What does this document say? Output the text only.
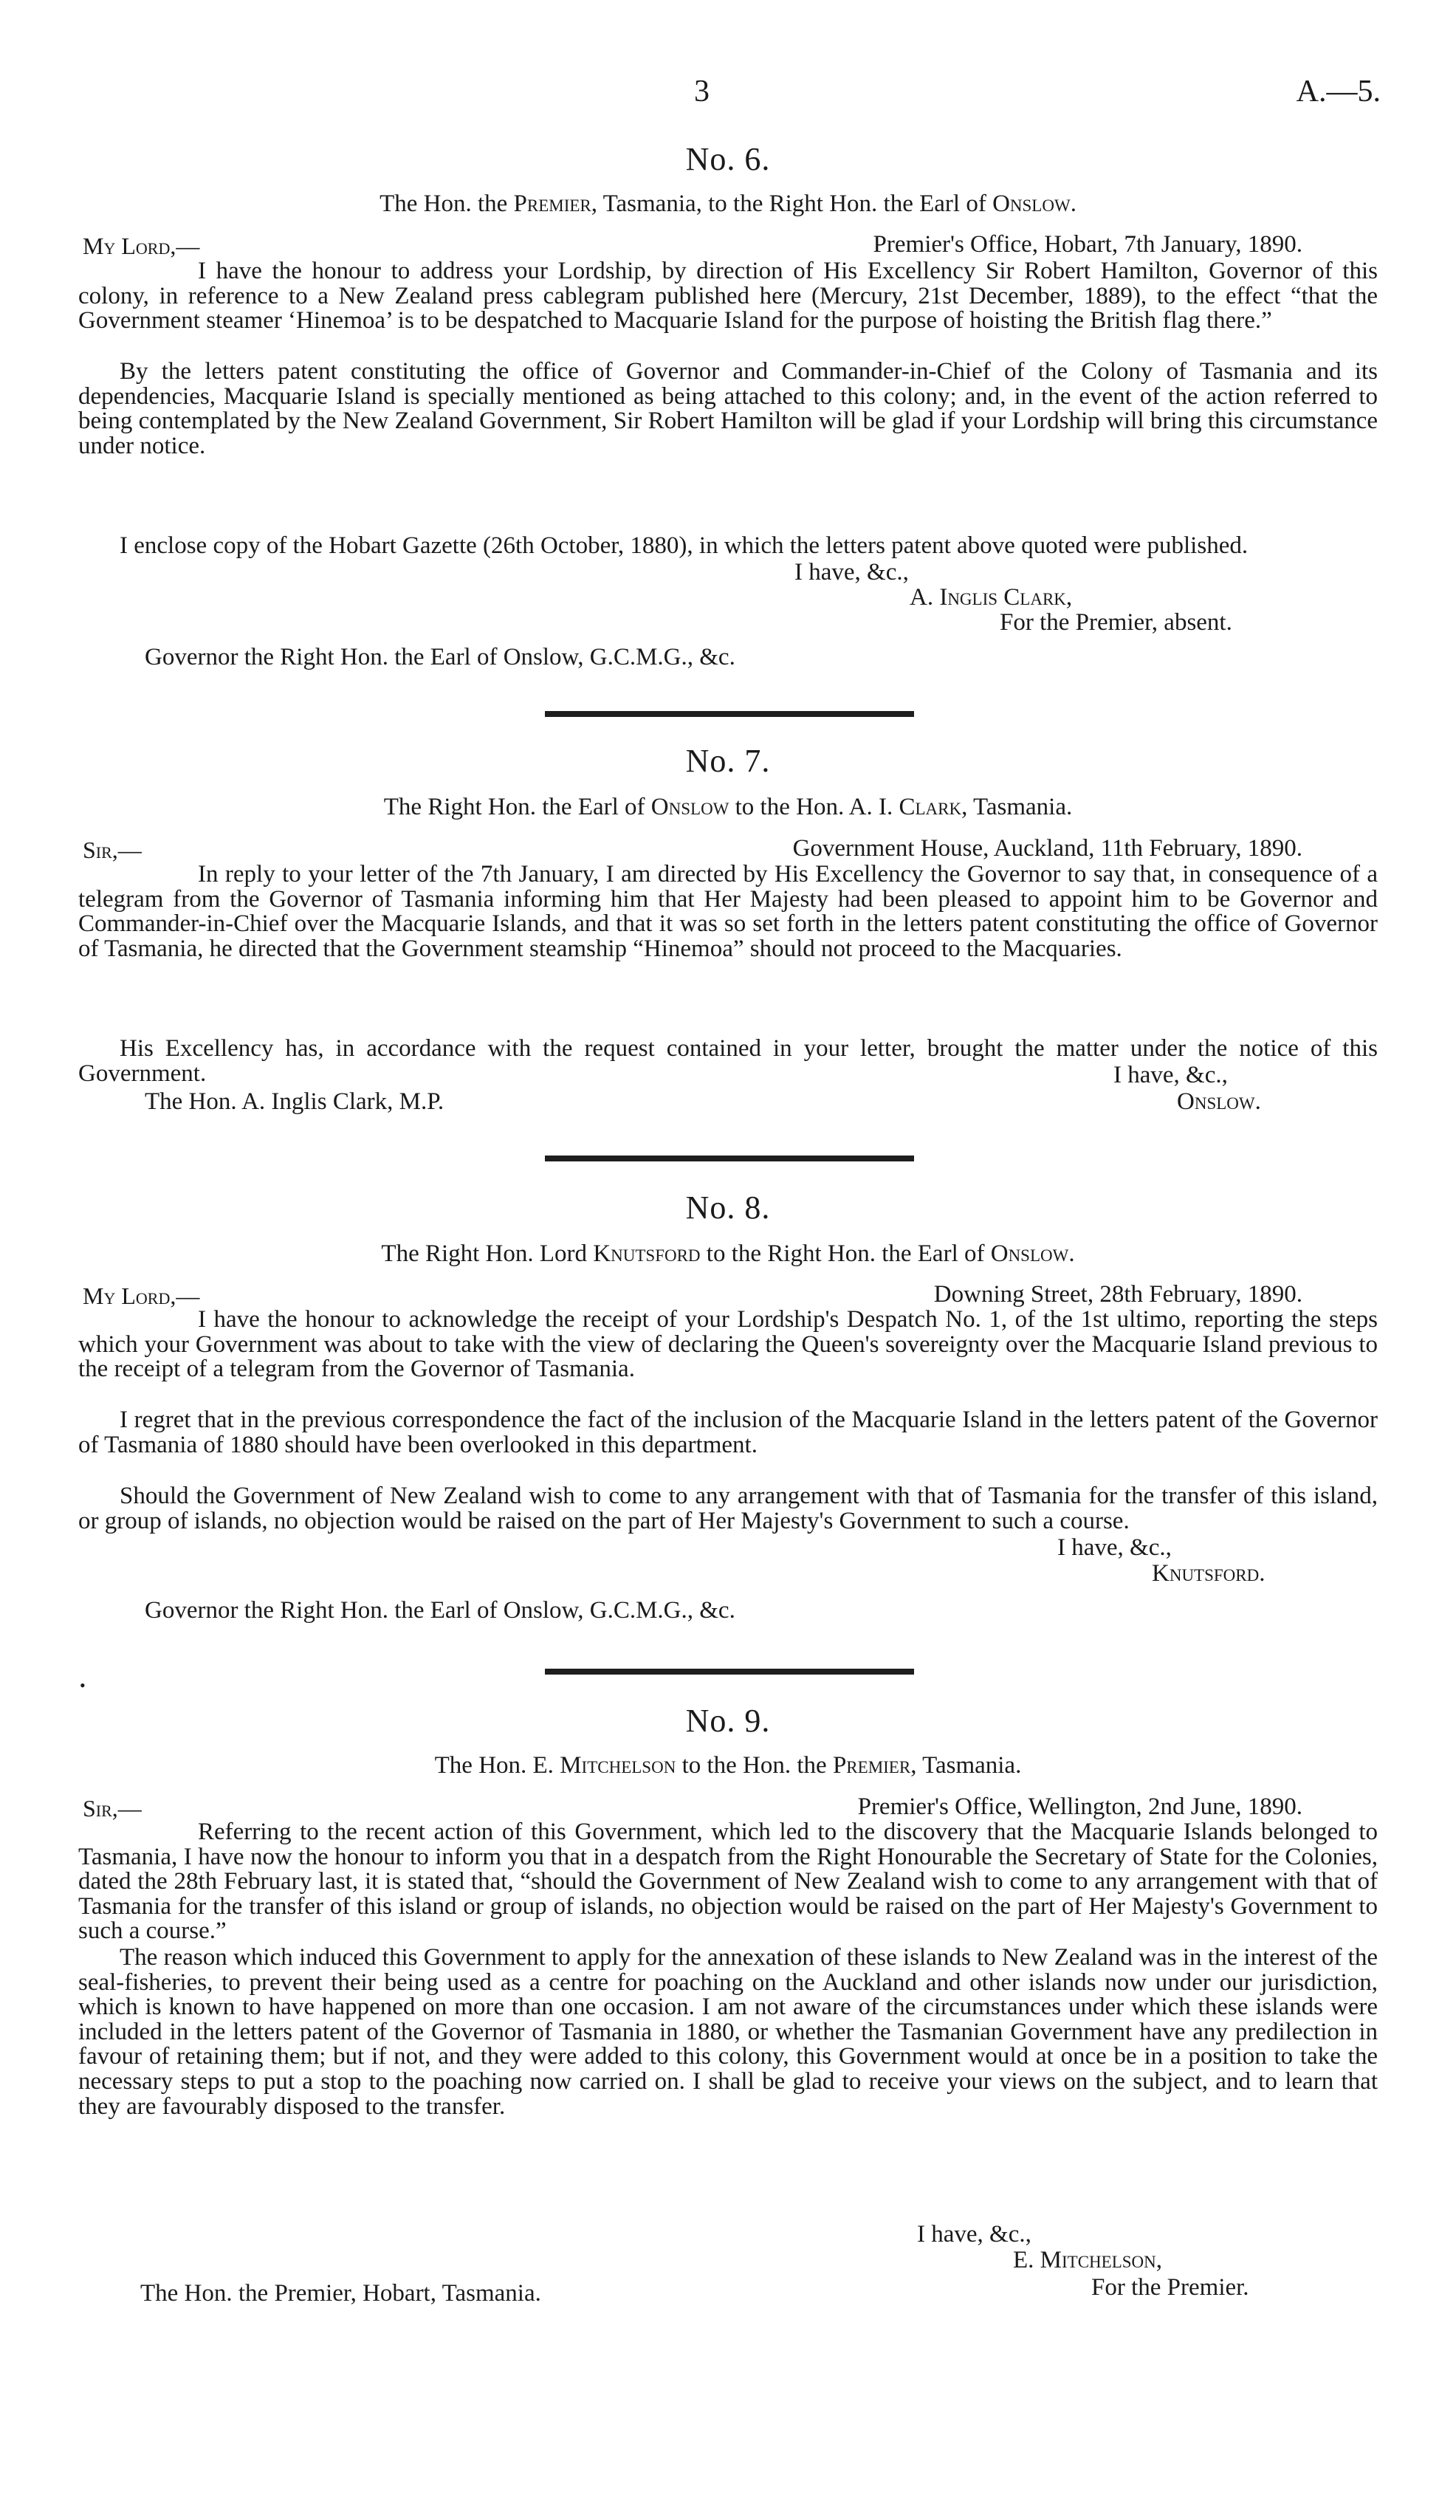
3	A.—5.
No. 6.
The Hon. the Premier, Tasmania, to the Right Hon. the Earl of Onslow.
My Lord,—	Premier's Office, Hobart, 7th January, 1890.

I have the honour to address your Lordship, by direction of His Excellency Sir Robert Hamilton, Governor of this colony, in reference to a New Zealand press cablegram published here (Mercury, 21st December, 1889), to the effect “that the Government steamer ‘Hinemoa’ is to be despatched to Macquarie Island for the purpose of hoisting the British flag there.”

By the letters patent constituting the office of Governor and Commander-in-Chief of the Colony of Tasmania and its dependencies, Macquarie Island is specially mentioned as being attached to this colony; and, in the event of the action referred to being contemplated by the New Zealand Government, Sir Robert Hamilton will be glad if your Lordship will bring this circumstance under notice.

I enclose copy of the Hobart Gazette (26th October, 1880), in which the letters patent above quoted were published.

I have, &c.,
A. Inglis Clark,
For the Premier, absent.
Governor the Right Hon. the Earl of Onslow, G.C.M.G., &c.
No. 7.
The Right Hon. the Earl of Onslow to the Hon. A. I. Clark, Tasmania.
Sir,—	Government House, Auckland, 11th February, 1890.

In reply to your letter of the 7th January, I am directed by His Excellency the Governor to say that, in consequence of a telegram from the Governor of Tasmania informing him that Her Majesty had been pleased to appoint him to be Governor and Commander-in-Chief over the Macquarie Islands, and that it was so set forth in the letters patent constituting the office of Governor of Tasmania, he directed that the Government steamship “Hinemoa” should not proceed to the Macquaries.

His Excellency has, in accordance with the request contained in your letter, brought the matter under the notice of this Government.	I have, &c.,
The Hon. A. Inglis Clark, M.P.	Onslow.
No. 8.
The Right Hon. Lord Knutsford to the Right Hon. the Earl of Onslow.
My Lord,—	Downing Street, 28th February, 1890.

I have the honour to acknowledge the receipt of your Lordship's Despatch No. 1, of the 1st ultimo, reporting the steps which your Government was about to take with the view of declaring the Queen's sovereignty over the Macquarie Island previous to the receipt of a telegram from the Governor of Tasmania.

I regret that in the previous correspondence the fact of the inclusion of the Macquarie Island in the letters patent of the Governor of Tasmania of 1880 should have been overlooked in this department.

Should the Government of New Zealand wish to come to any arrangement with that of Tasmania for the transfer of this island, or group of islands, no objection would be raised on the part of Her Majesty's Government to such a course.

I have, &c.,
Knutsford.
Governor the Right Hon. the Earl of Onslow, G.C.M.G., &c.
•
No. 9.
The Hon. E. Mitchelson to the Hon. the Premier, Tasmania.
Sir,—	Premier's Office, Wellington, 2nd June, 1890.

Referring to the recent action of this Government, which led to the discovery that the Macquarie Islands belonged to Tasmania, I have now the honour to inform you that in a despatch from the Right Honourable the Secretary of State for the Colonies, dated the 28th February last, it is stated that, “should the Government of New Zealand wish to come to any arrangement with that of Tasmania for the transfer of this island or group of islands, no objection would be raised on the part of Her Majesty's Government to such a course.”

The reason which induced this Government to apply for the annexation of these islands to New Zealand was in the interest of the seal-fisheries, to prevent their being used as a centre for poaching on the Auckland and other islands now under our jurisdiction, which is known to have happened on more than one occasion. I am not aware of the circumstances under which these islands were included in the letters patent of the Governor of Tasmania in 1880, or whether the Tasmanian Government have any predilection in favour of retaining them; but if not, and they were added to this colony, this Government would at once be in a position to take the necessary steps to put a stop to the poaching now carried on. I shall be glad to receive your views on the subject, and to learn that they are favourably disposed to the transfer.

I have, &c.,
E. Mitchelson,
For the Premier.
The Hon. the Premier, Hobart, Tasmania.
